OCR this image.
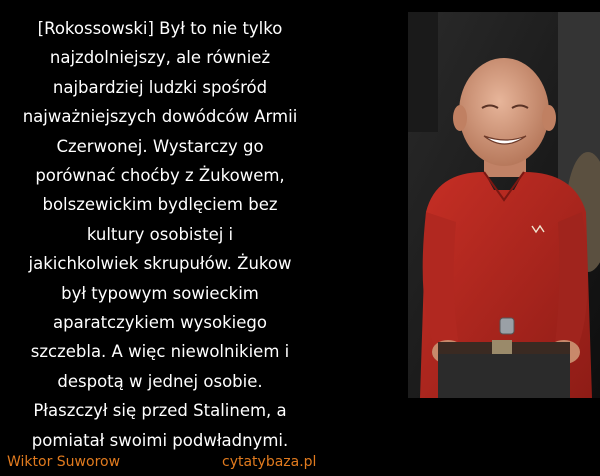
[Rokossowski] Był to nie tylko
najzdolniejszy, ale również
najbardziej ludzki spośród
najważniejszych dowódców Armii
Czerwonej. Wystarczy go
porównać choćby z Żukowem,
bolszewickim bydlęciem bez
kultury osobistej i
jakichkolwiek skrupułów. Żukow
był typowym sowieckim
aparatczykiem wysokiego
szczebla. A więc niewolnikiem i
despotą w jednej osobie.
Płaszczył się przed Stalinem, a
pomiatał swoimi podwładnymi.
Wiktor Suworow	cytatybaza.pl
